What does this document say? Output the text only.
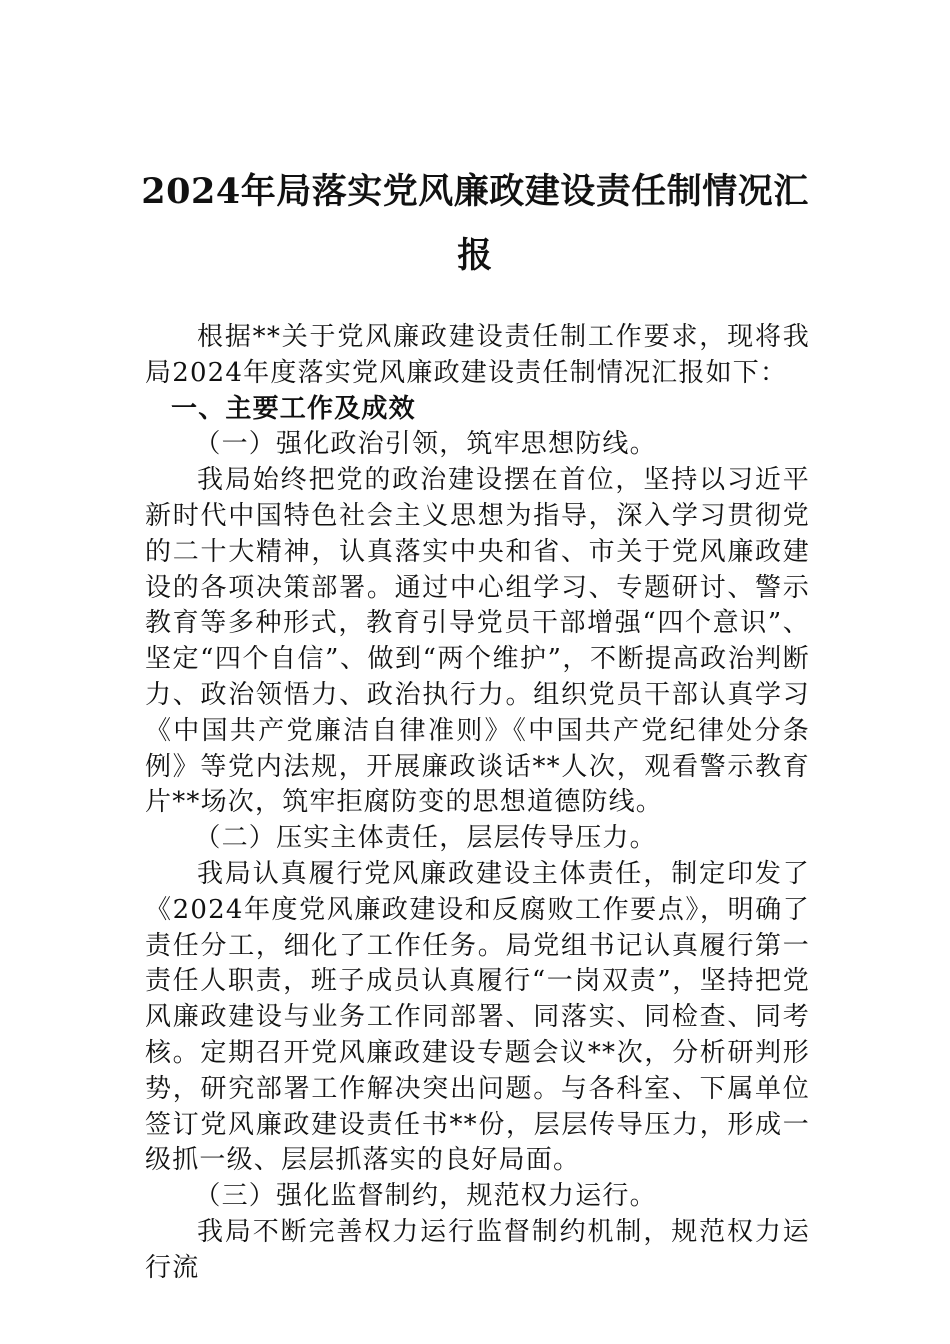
2024年局落实党风廉政建设责任制情况汇
报

根据**关于党风廉政建设责任制工作要求，现将我局2024年度落实党风廉政建设责任制情况汇报如下：

一、主要工作及成效
（一）强化政治引领，筑牢思想防线。

我局始终把党的政治建设摆在首位，坚持以习近平新时代中国特色社会主义思想为指导，深入学习贯彻党的二十大精神，认真落实中央和省、市关于党风廉政建设的各项决策部署。通过中心组学习、专题研讨、警示教育等多种形式，教育引导党员干部增强“四个意识”、坚定“四个自信”、做到“两个维护”，不断提高政治判断力、政治领悟力、政治执行力。组织党员干部认真学习《中国共产党廉洁自律准则》《中国共产党纪律处分条例》等党内法规，开展廉政谈话**人次，观看警示教育片**场次，筑牢拒腐防变的思想道德防线。

（二）压实主体责任，层层传导压力。

我局认真履行党风廉政建设主体责任，制定印发了《2024年度党风廉政建设和反腐败工作要点》，明确了责任分工，细化了工作任务。局党组书记认真履行第一责任人职责，班子成员认真履行“一岗双责”，坚持把党风廉政建设与业务工作同部署、同落实、同检查、同考核。定期召开党风廉政建设专题会议**次，分析研判形势，研究部署工作解决突出问题。与各科室、下属单位签订党风廉政建设责任书**份，层层传导压力，形成一级抓一级、层层抓落实的良好局面。

（三）强化监督制约，规范权力运行。

我局不断完善权力运行监督制约机制，规范权力运行流
